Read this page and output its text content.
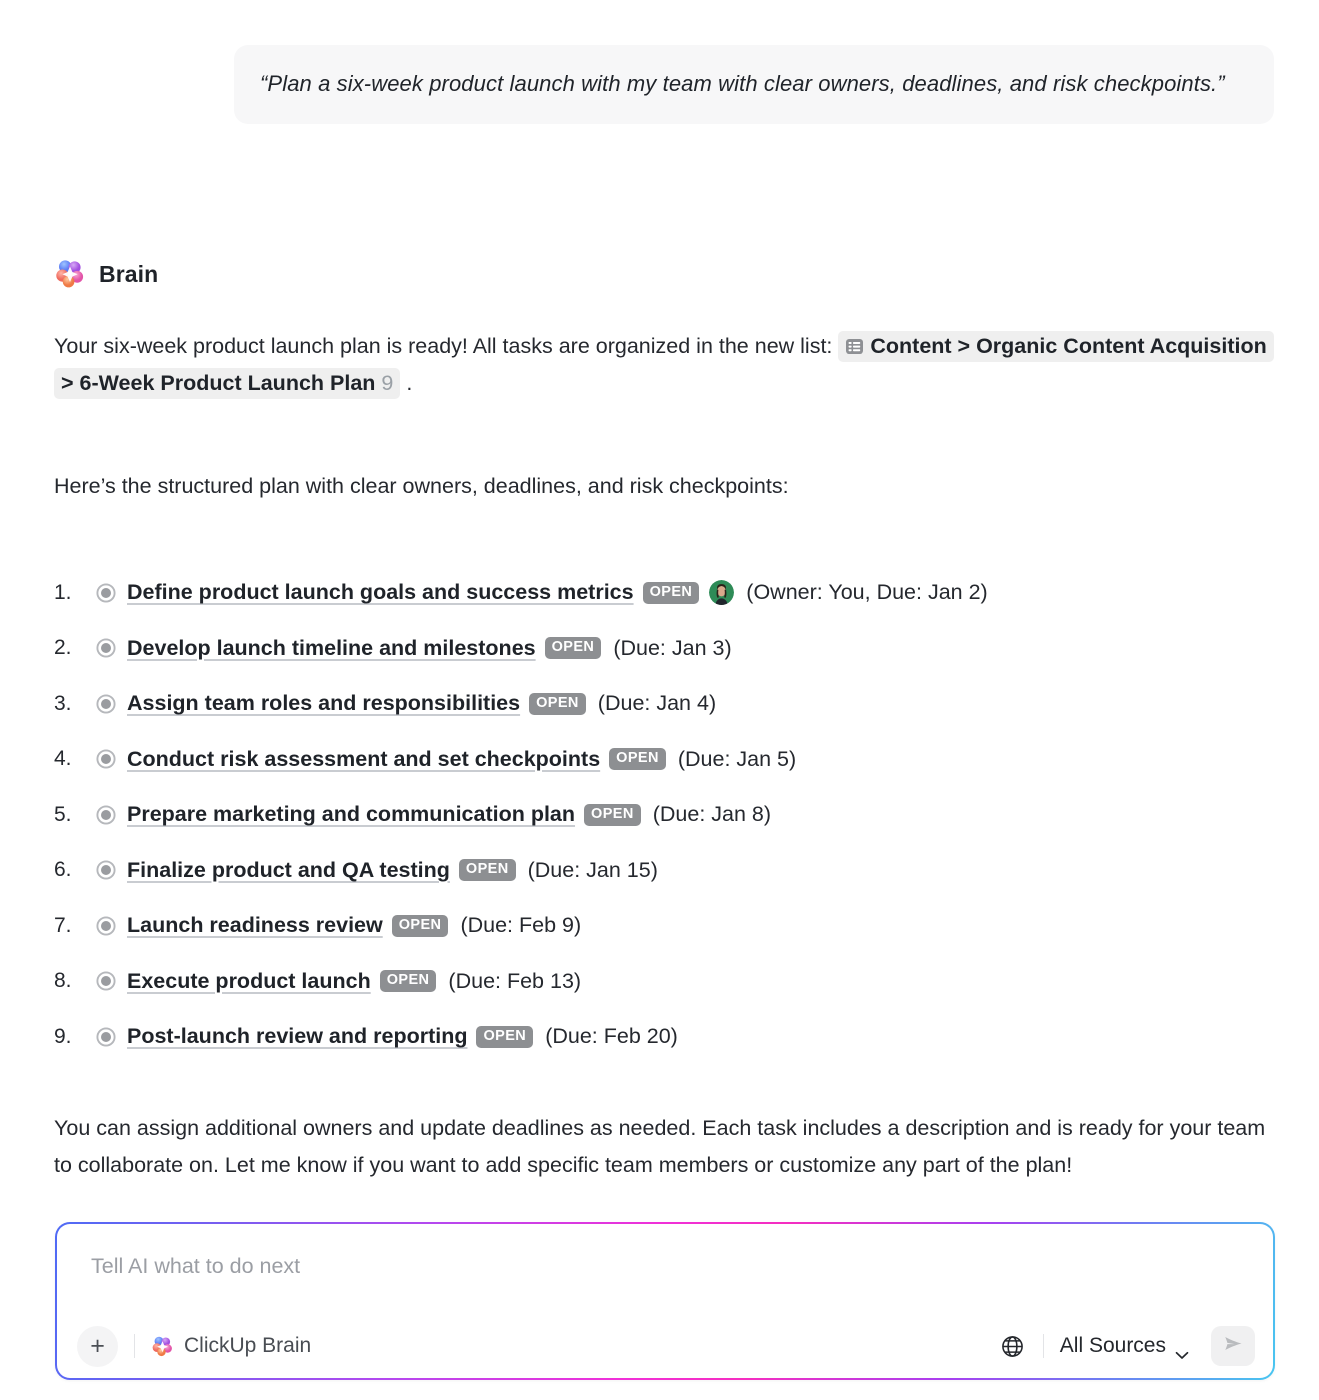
“Plan a six-week product launch with my team with clear owners, deadlines, and risk checkpoints.”
Brain
Your six-week product launch plan is ready! All tasks are organized in the new list: Content > Organic Content Acquisition > 6-Week Product Launch Plan 9 .
Here’s the structured plan with clear owners, deadlines, and risk checkpoints:
1.	Define product launch goals and success metrics	OPEN	(Owner: You, Due: Jan 2)
2.	Develop launch timeline and milestones	OPEN (Due: Jan 3)
3.	Assign team roles and responsibilities	OPEN (Due: Jan 4)
4.	Conduct risk assessment and set checkpoints	OPEN (Due: Jan 5)
5.	Prepare marketing and communication plan	OPEN (Due: Jan 8)
6.	Finalize product and QA testing	OPEN (Due: Jan 15)
7.	Launch readiness review	OPEN (Due: Feb 9)
8.	Execute product launch	OPEN (Due: Feb 13)
9.	Post-launch review and reporting	OPEN (Due: Feb 20)
You can assign additional owners and update deadlines as needed. Each task includes a description and is ready for your team to collaborate on. Let me know if you want to add specific team members or customize any part of the plan!
Tell AI what to do next
+	ClickUp Brain	All Sources
